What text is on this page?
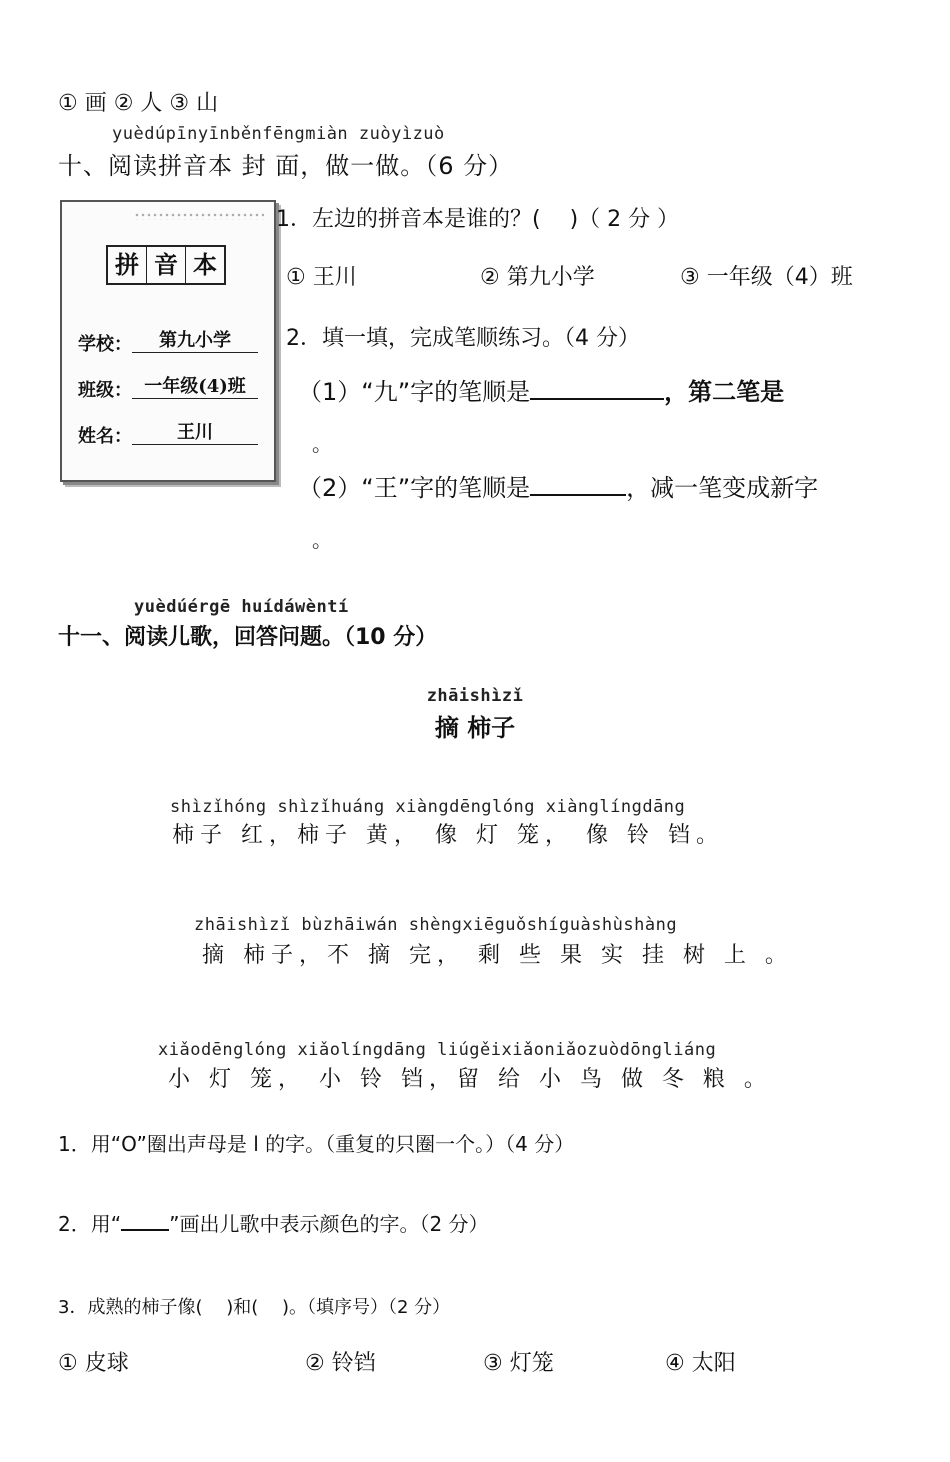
① 画 ② 人 ③ 山
yuèdúpīnyīnběnfēngmiàn zuòyìzuò
十、阅读拼音本 封 面，做一做。（6 分）
拼 音 本
学校：	第九小学
班级： 一年级(4)班
姓名：	王川
1．左边的拼音本是谁的？(　 )（ 2 分 ）
① 王川	② 第九小学	③ 一年级（4）班
2．填一填，完成笔顺练习。（4 分）
（1）“九”字的笔顺是	，第二笔是
。
（2）“王”字的笔顺是	，减一笔变成新字
。
yuèdúérgē huídáwèntí
十一、阅读儿歌，回答问题。（10 分）
zhāishìzǐ
摘 柿子
shìzǐhóng shìzǐhuáng xiàngdēnglóng xiànglíngdāng
柿子 红，柿子 黄， 像 灯 笼， 像 铃 铛。
zhāishìzǐ bùzhāiwán shèngxiēguǒshíguàshùshàng
摘 柿子，不 摘 完， 剩 些 果 实 挂 树 上 。
xiǎodēnglóng xiǎolíngdāng liúgěixiǎoniǎozuòdōngliáng
小 灯 笼， 小 铃 铛，留 给 小 鸟 做 冬 粮 。
1．用“O”圈出声母是 l 的字。（重复的只圈一个。）（4 分）
2．用“ ”画出儿歌中表示颜色的字。（2 分）
3．成熟的柿子像(　 )和(　 )。（填序号）（2 分）
① 皮球	② 铃铛	③ 灯笼	④ 太阳
